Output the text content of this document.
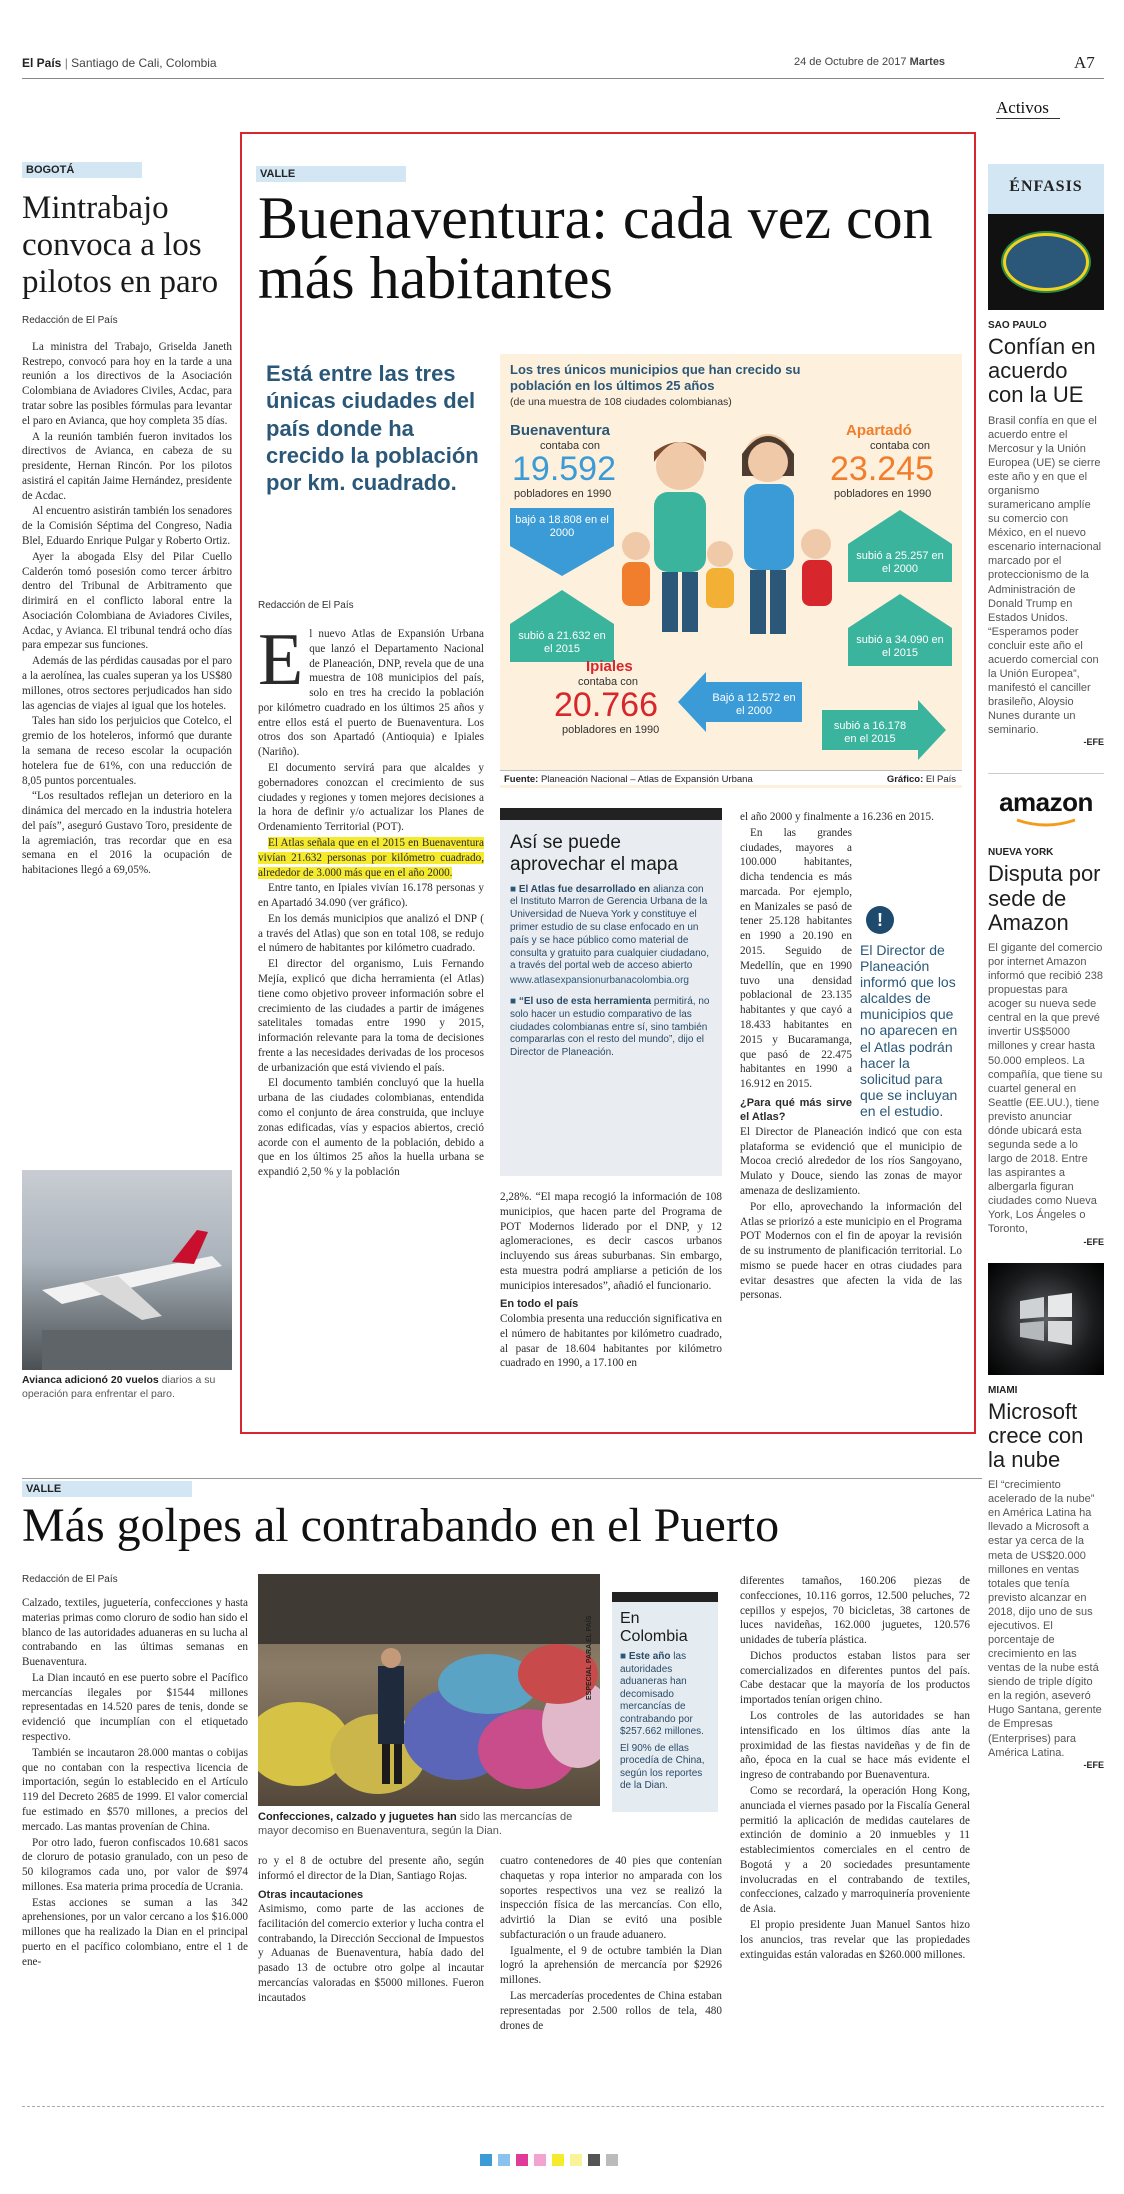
El País | Santiago de Cali, Colombia	24 de Octubre de 2017 Martes	A7
Activos
BOGOTÁ
Mintrabajo convoca a los pilotos en paro
Redacción de El País

La ministra del Trabajo, Griselda Janeth Restrepo, convocó para hoy en la tarde a una reunión a los directivos de la Asociación Colombiana de Aviadores Civiles, Acdac, para tratar sobre las posibles fórmulas para levantar el paro en Avianca, que hoy completa 35 días.

A la reunión también fueron invitados los directivos de Avianca, en cabeza de su presidente, Hernan Rincón. Por los pilotos asistirá el capitán Jaime Hernández, presidente de Acdac.

Al encuentro asistirán también los senadores de la Comisión Séptima del Congreso, Nadia Blel, Eduardo Enrique Pulgar y Roberto Ortiz.

Ayer la abogada Elsy del Pilar Cuello Calderón tomó posesión como tercer árbitro dentro del Tribunal de Arbitramento que dirimirá en el conflicto laboral entre la Asociación Colombiana de Aviadores Civiles, Acdac, y Avianca. El tribunal tendrá ocho días para empezar sus funciones.

Además de las pérdidas causadas por el paro a la aerolínea, las cuales superan ya los US$80 millones, otros sectores perjudicados han sido las agencias de viajes al igual que los hoteles.

Tales han sido los perjuicios que Cotelco, el gremio de los hoteleros, informó que durante la semana de receso escolar la ocupación hotelera fue de 61%, con una reducción de 8,05 puntos porcentuales.

“Los resultados reflejan un deterioro en la dinámica del mercado en la industria hotelera del país”, aseguró Gustavo Toro, presidente de la agremiación, tras recordar que en esa semana en el 2016 la ocupación de habitaciones llegó a 69,05%.

Avianca adicionó 20 vuelos diarios a su operación para enfrentar el paro.
VALLE
Buenaventura: cada vez con más habitantes
Está entre las tres únicas ciudades del país donde ha crecido la población por km. cuadrado.
Los tres únicos municipios que han crecido su población en los últimos 25 años
(de una muestra de 108 ciudades colombianas)
Buenaventura
contaba con
19.592
pobladores en 1990
bajó a 18.808 en el 2000
subió a 21.632 en el 2015
Apartadó
contaba con
23.245
pobladores en 1990
subió a 25.257 en el 2000
subió a 34.090 en el 2015
Ipiales
contaba con
20.766
pobladores en 1990
Bajó a 12.572 en el 2000
subió a 16.178 en el 2015
Fuente: Planeación Nacional – Atlas de Expansión Urbana	Gráfico: El País
Redacción de El País
E l nuevo Atlas de Expansión Urbana que lanzó el Departamento Nacional de Planeación, DNP, revela que de una muestra de 108 municipios del país, solo en tres ha crecido la población por kilómetro cuadrado en los últimos 25 años y entre ellos está el puerto de Buenaventura. Los otros dos son Apartadó (Antioquia) e Ipiales (Nariño).

El documento servirá para que alcaldes y gobernadores conozcan el crecimiento de sus ciudades y regiones y tomen mejores decisiones a la hora de definir y/o actualizar los Planes de Ordenamiento Territorial (POT).

El Atlas señala que en el 2015 en Buenaventura vivían 21.632 personas por kilómetro cuadrado, alrededor de 3.000 más que en el año 2000.

Entre tanto, en Ipiales vivían 16.178 personas y en Apartadó 34.090 (ver gráfico).

En los demás municipios que analizó el DNP ( a través del Atlas) que son en total 108, se redujo el número de habitantes por kilómetro cuadrado.

El director del organismo, Luis Fernando Mejía, explicó que dicha herramienta (el Atlas) tiene como objetivo proveer información sobre el crecimiento de las ciudades a partir de imágenes satelitales tomadas entre 1990 y 2015, información relevante para la toma de decisiones frente a las necesidades derivadas de los procesos de urbanización que está viviendo el país.

El documento también concluyó que la huella urbana de las ciudades colombianas, entendida como el conjunto de área construida, que incluye zonas edificadas, vías y espacios abiertos, creció acorde con el aumento de la población, debido a que en los últimos 25 años la huella urbana se expandió 2,50 % y la población

Así se puede aprovechar el mapa

■ El Atlas fue desarrollado en alianza con el Instituto Marron de Gerencia Urbana de la Universidad de Nueva York y constituye el primer estudio de su clase enfocado en un país y se hace público como material de consulta y gratuito para cualquier ciudadano, a través del portal web de acceso abierto

www.atlasexpansionurbanacolombia.org

■ “El uso de esta herramienta permitirá, no solo hacer un estudio comparativo de las ciudades colombianas entre sí, sino también compararlas con el resto del mundo”, dijo el Director de Planeación.

2,28%. “El mapa recogió la información de 108 municipios, que hacen parte del Programa de POT Modernos liderado por el DNP, y 12 aglomeraciones, es decir cascos urbanos incluyendo sus áreas suburbanas. Sin embargo, esta muestra podrá ampliarse a petición de los municipios interesados”, añadió el funcionario.

En todo el país

Colombia presenta una reducción significativa en el número de habitantes por kilómetro cuadrado, al pasar de 18.604 habitantes por kilómetro cuadrado en 1990, a 17.100 en

el año 2000 y finalmente a 16.236 en 2015.

En las grandes ciudades, mayores a 100.000 habitantes, dicha tendencia es más marcada. Por ejemplo, en Manizales se pasó de tener 25.128 habitantes en 1990 a 20.190 en 2015. Seguido de Medellín, que en 1990 tuvo una densidad poblacional de 23.135 habitantes y que cayó a 18.433 habitantes en 2015 y Bucaramanga, que pasó de 22.475 habitantes en 1990 a 16.912 en 2015.

¿Para qué más sirve el Atlas?

El Director de Planeación indicó que con esta plataforma se evidenció que el municipio de Mocoa creció alrededor de los ríos Sangoyano, Mulato y Douce, siendo las zonas de mayor amenaza de deslizamiento.

Por ello, aprovechando la información del Atlas se priorizó a este municipio en el Programa POT Modernos con el fin de apoyar la revisión de su instrumento de planificación territorial. Lo mismo se puede hacer en otras ciudades para evitar desastres que afecten la vida de las personas.

!
El Director de Planeación informó que los alcaldes de municipios que no aparecen en el Atlas podrán hacer la solicitud para que se incluyan en el estudio.
ÉNFASIS
SAO PAULO
Confían en acuerdo con la UE
Brasil confía en que el acuerdo entre el Mercosur y la Unión Europea (UE) se cierre este año y en que el organismo suramericano amplíe su comercio con México, en el nuevo escenario internacional marcado por el proteccionismo de la Administración de Donald Trump en Estados Unidos. “Esperamos poder concluir este año el acuerdo comercial con la Unión Europea”, manifestó el canciller brasileño, Aloysio Nunes durante un seminario.
-EFE
amazon
NUEVA YORK
Disputa por sede de Amazon
El gigante del comercio por internet Amazon informó que recibió 238 propuestas para acoger su nueva sede central en la que prevé invertir US$5000 millones y crear hasta 50.000 empleos. La compañía, que tiene su cuartel general en Seattle (EE.UU.), tiene previsto anunciar dónde ubicará esta segunda sede a lo largo de 2018. Entre las aspirantes a albergarla figuran ciudades como Nueva York, Los Ángeles o Toronto,
-EFE
MIAMI
Microsoft crece con la nube
El “crecimiento acelerado de la nube” en América Latina ha llevado a Microsoft a estar ya cerca de la meta de US$20.000 millones en ventas totales que tenía previsto alcanzar en 2018, dijo uno de sus ejecutivos. El porcentaje de crecimiento en las ventas de la nube está siendo de triple dígito en la región, aseveró Hugo Santana, gerente de Empresas (Enterprises) para América Latina.
-EFE
VALLE
Más golpes al contrabando en el Puerto
Redacción de El País

Calzado, textiles, juguetería, confecciones y hasta materias primas como cloruro de sodio han sido el blanco de las autoridades aduaneras en su lucha al contrabando en las últimas semanas en Buenaventura.

La Dian incautó en ese puerto sobre el Pacífico mercancías ilegales por $1544 millones representadas en 14.520 pares de tenis, donde se evidenció que incumplían con el etiquetado respectivo.

También se incautaron 28.000 mantas o cobijas que no contaban con la respectiva licencia de importación, según lo establecido en el Artículo 119 del Decreto 2685 de 1999. El valor comercial fue estimado en $570 millones, a precios del mercado. Las mantas provenían de China.

Por otro lado, fueron confiscados 10.681 sacos de cloruro de potasio granulado, con un peso de 50 kilogramos cada uno, por valor de $974 millones. Esa materia prima procedía de Ucrania.

Estas acciones se suman a las 342 aprehensiones, por un valor cercano a los $16.000 millones que ha realizado la Dian en el principal puerto en el pacífico colombiano, entre el 1 de ene-

ESPECIAL PARA EL PAÍS
Confecciones, calzado y juguetes han sido las mercancías de mayor decomiso en Buenaventura, según la Dian.
En Colombia

■ Este año las autoridades aduaneras han decomisado mercancías de contrabando por $257.662 millones.

El 90% de ellas procedía de China, según los reportes de la Dian.

ro y el 8 de octubre del presente año, según informó el director de la Dian, Santiago Rojas.

Otras incautaciones

Asimismo, como parte de las acciones de facilitación del comercio exterior y lucha contra el contrabando, la Dirección Seccional de Impuestos y Aduanas de Buenaventura, había dado del pasado 13 de octubre otro golpe al incautar mercancías valoradas en $5000 millones. Fueron incautados

cuatro contenedores de 40 pies que contenían chaquetas y ropa interior no amparada con los soportes respectivos una vez se realizó la inspección física de las mercancías. Con ello, advirtió la Dian se evitó una posible subfacturación o un fraude aduanero.

Igualmente, el 9 de octubre también la Dian logró la aprehensión de mercancía por $2926 millones.

Las mercaderías procedentes de China estaban representadas por 2.500 rollos de tela, 480 drones de

diferentes tamaños, 160.206 piezas de confecciones, 10.116 gorros, 12.500 peluches, 72 cepillos y espejos, 70 bicicletas, 38 cartones de luces navideñas, 162.000 juguetes, 120.576 unidades de tubería plástica.

Dichos productos estaban listos para ser comercializados en diferentes puntos del país. Cabe destacar que la mayoría de los productos importados tenían origen chino.

Los controles de las autoridades se han intensificado en los últimos días ante la proximidad de las fiestas navideñas y de fin de año, época en la cual se hace más evidente el ingreso de contrabando por Buenaventura.

Como se recordará, la operación Hong Kong, anunciada el viernes pasado por la Fiscalía General permitió la aplicación de medidas cautelares de extinción de dominio a 20 inmuebles y 11 establecimientos comerciales en el centro de Bogotá y a 20 sociedades presuntamente involucradas en el contrabando de textiles, confecciones, calzado y marroquinería proveniente de Asia.

El propio presidente Juan Manuel Santos hizo los anuncios, tras revelar que las propiedades extinguidas están valoradas en $260.000 millones.
